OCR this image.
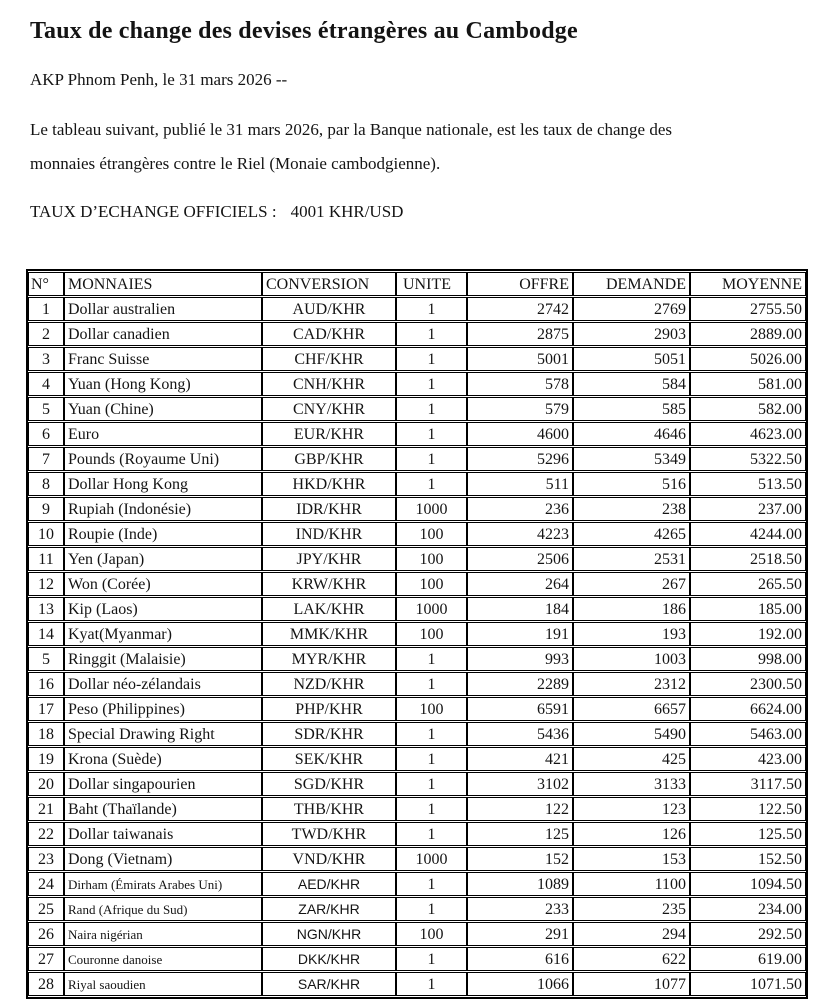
Taux de change des devises étrangères au Cambodge

AKP Phnom Penh, le 31 mars 2026 --

Le tableau suivant, publié le 31 mars 2026, par la Banque nationale, est les taux de change des
monnaies étrangères contre le Riel (Monaie cambodgienne).

TAUX D’ECHANGE OFFICIELS : 4001 KHR/USD

N°	MONNAIES	CONVERSION	UNITE	OFFRE	DEMANDE	MOYENNE
1	Dollar australien	AUD/KHR	1	2742	2769	2755.50
2	Dollar canadien	CAD/KHR	1	2875	2903	2889.00
3	Franc Suisse	CHF/KHR	1	5001	5051	5026.00
4	Yuan (Hong Kong)	CNH/KHR	1	578	584	581.00
5	Yuan (Chine)	CNY/KHR	1	579	585	582.00
6	Euro	EUR/KHR	1	4600	4646	4623.00
7	Pounds (Royaume Uni)	GBP/KHR	1	5296	5349	5322.50
8	Dollar Hong Kong	HKD/KHR	1	511	516	513.50
9	Rupiah (Indonésie)	IDR/KHR	1000	236	238	237.00
10	Roupie (Inde)	IND/KHR	100	4223	4265	4244.00
11	Yen (Japan)	JPY/KHR	100	2506	2531	2518.50
12	Won (Corée)	KRW/KHR	100	264	267	265.50
13	Kip (Laos)	LAK/KHR	1000	184	186	185.00
14	Kyat(Myanmar)	MMK/KHR	100	191	193	192.00
5	Ringgit (Malaisie)	MYR/KHR	1	993	1003	998.00
16	Dollar néo-zélandais	NZD/KHR	1	2289	2312	2300.50
17	Peso (Philippines)	PHP/KHR	100	6591	6657	6624.00
18	Special Drawing Right	SDR/KHR	1	5436	5490	5463.00
19	Krona (Suède)	SEK/KHR	1	421	425	423.00
20	Dollar singapourien	SGD/KHR	1	3102	3133	3117.50
21	Baht (Thaïlande)	THB/KHR	1	122	123	122.50
22	Dollar taiwanais	TWD/KHR	1	125	126	125.50
23	Dong (Vietnam)	VND/KHR	1000	152	153	152.50
24	Dirham (Émirats Arabes Uni)	AED/KHR	1	1089	1100	1094.50
25	Rand (Afrique du Sud)	ZAR/KHR	1	233	235	234.00
26	Naira nigérian	NGN/KHR	100	291	294	292.50
27	Couronne danoise	DKK/KHR	1	616	622	619.00
28	Riyal saoudien	SAR/KHR	1	1066	1077	1071.50
